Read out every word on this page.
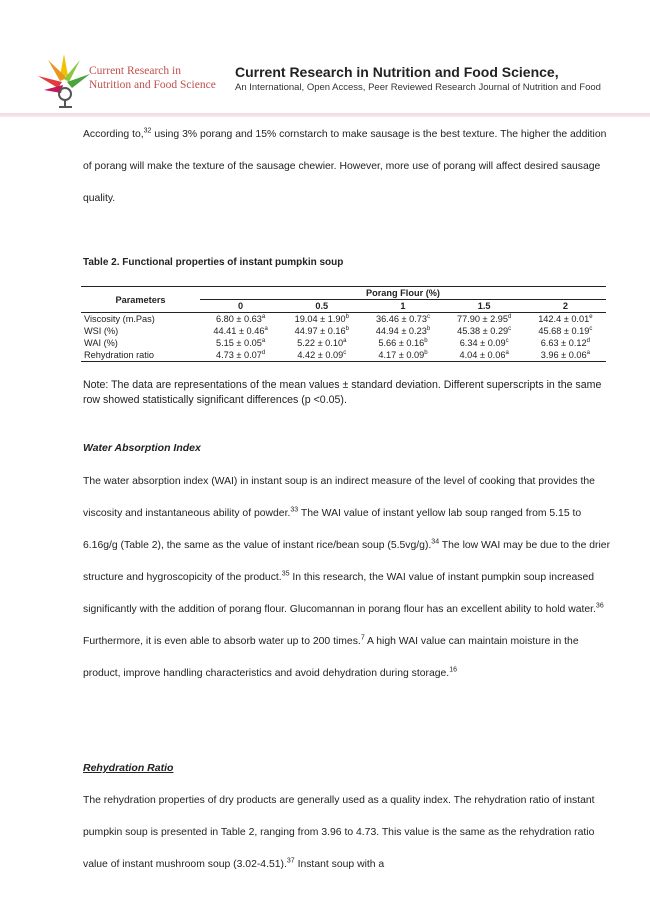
Current Research in
Nutrition and Food Science
Current Research in Nutrition and Food Science,
An International, Open Access, Peer Reviewed Research Journal of Nutrition and Food
According to,$^{32}$ using 3% porang and 15% cornstarch to make sausage is the best texture. The higher the addition of porang will make the texture of the sausage chewier. However, more use of porang will affect desired sausage quality.
Table 2. Functional properties of instant pumpkin soup
Parameters	Porang Flour (%)				
	0	0.5	1	1.5	2
Viscosity (m.Pas)	6.80 ± 0.63$^a$	19.04 ± 1.90$^b$	36.46 ± 0.73$^c$	77.90 ± 2.95$^d$	142.4 ± 0.01$^e$
WSI (%)	44.41 ± 0.46$^a$	44.97 ± 0.16$^b$	44.94 ± 0.23$^b$	45.38 ± 0.29$^c$	45.68 ± 0.19$^c$
WAI (%)	5.15 ± 0.05$^a$	5.22 ± 0.10$^a$	5.66 ± 0.16$^b$	6.34 ± 0.09$^c$	6.63 ± 0.12$^d$
Rehydration ratio	4.73 ± 0.07$^d$	4.42 ± 0.09$^c$	4.17 ± 0.09$^b$	4.04 ± 0.06$^a$	3.96 ± 0.06$^a$
Note: The data are representations of the mean values ± standard deviation. Different superscripts in the same row showed statistically significant differences (p <0.05).
Water Absorption Index
The water absorption index (WAI) in instant soup is an indirect measure of the level of cooking that provides the viscosity and instantaneous ability of powder.$^{33}$ The WAI value of instant yellow lab soup ranged from 5.15 to 6.16g/g (Table 2), the same as the value of instant rice/bean soup (5.5vg/g).$^{34}$ The low WAI may be due to the drier structure and hygroscopicity of the product.$^{35}$ In this research, the WAI value of instant pumpkin soup increased significantly with the addition of porang flour. Glucomannan in porang flour has an excellent ability to hold water.$^{36}$ Furthermore, it is even able to absorb water up to 200 times.$^7$ A high WAI value can maintain moisture in the product, improve handling characteristics and avoid dehydration during storage.$^{16}$
Rehydration Ratio
The rehydration properties of dry products are generally used as a quality index. The rehydration ratio of instant pumpkin soup is presented in Table 2, ranging from 3.96 to 4.73. This value is the same as the rehydration ratio value of instant mushroom soup (3.02-4.51).$^{37}$ Instant soup with a
